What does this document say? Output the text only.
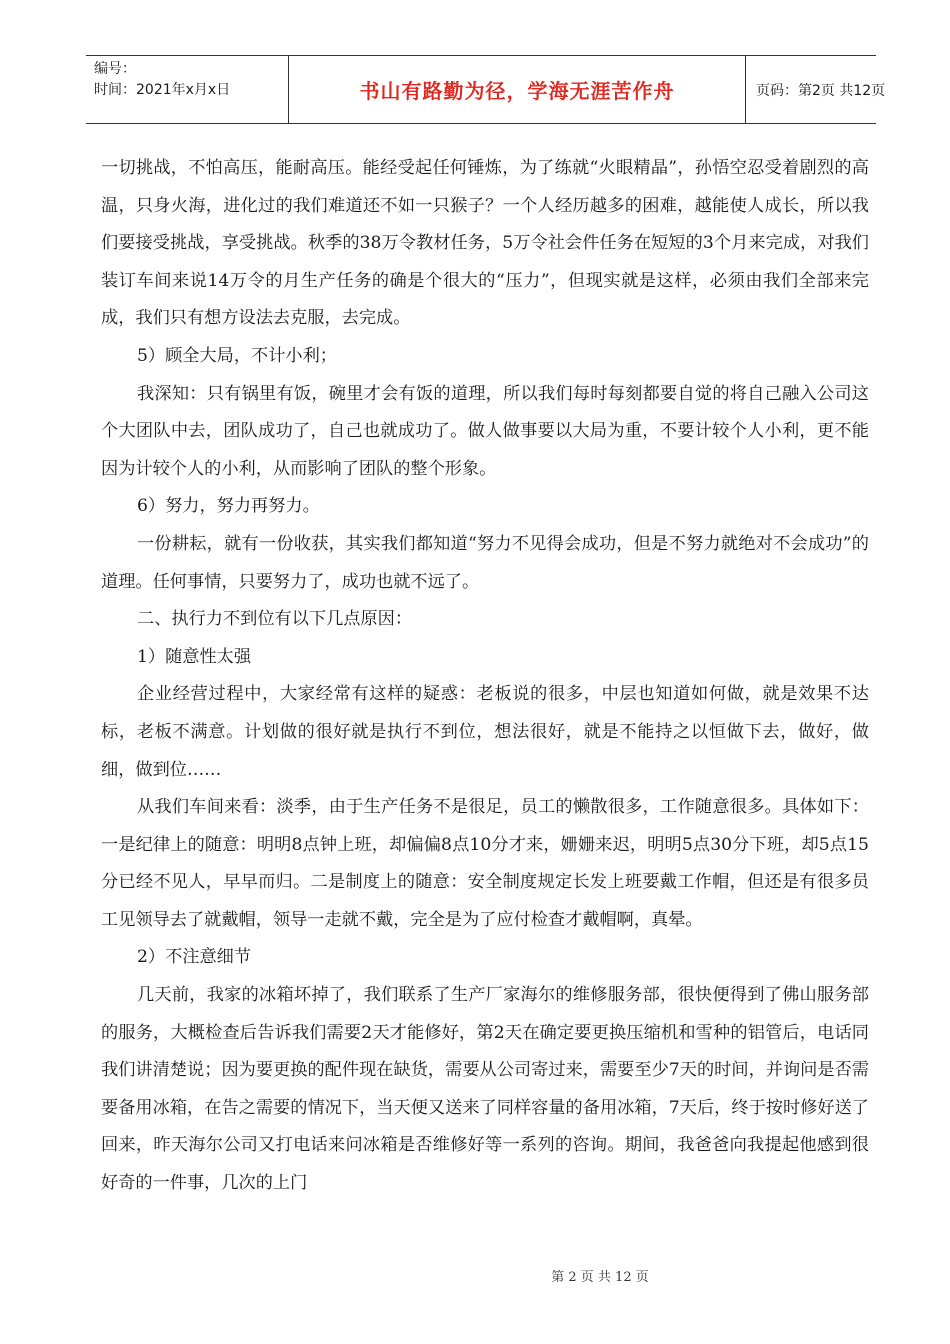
编号：
时间：2021年x月x日	书山有路勤为径，学海无涯苦作舟	页码：第2页 共12页

一切挑战，不怕高压，能耐高压。能经受起任何锤炼，为了练就“火眼精晶”，孙悟空忍受着剧烈的高温，只身火海，进化过的我们难道还不如一只猴子？一个人经历越多的困难，越能使人成长，所以我们要接受挑战，享受挑战。秋季的38万令教材任务，5万令社会件任务在短短的3个月来完成，对我们装订车间来说14万令的月生产任务的确是个很大的“压力”，但现实就是这样，必须由我们全部来完成，我们只有想方设法去克服，去完成。

5）顾全大局，不计小利；

我深知：只有锅里有饭，碗里才会有饭的道理，所以我们每时每刻都要自觉的将自己融入公司这个大团队中去，团队成功了，自己也就成功了。做人做事要以大局为重，不要计较个人小利，更不能因为计较个人的小利，从而影响了团队的整个形象。

6）努力，努力再努力。

一份耕耘，就有一份收获，其实我们都知道“努力不见得会成功，但是不努力就绝对不会成功”的道理。任何事情，只要努力了，成功也就不远了。

二、执行力不到位有以下几点原因：

1）随意性太强

企业经营过程中，大家经常有这样的疑惑：老板说的很多，中层也知道如何做，就是效果不达标，老板不满意。计划做的很好就是执行不到位，想法很好，就是不能持之以恒做下去，做好，做细，做到位……

从我们车间来看：淡季，由于生产任务不是很足，员工的懒散很多，工作随意很多。具体如下：一是纪律上的随意：明明8点钟上班，却偏偏8点10分才来，姗姗来迟，明明5点30分下班，却5点15分已经不见人，早早而归。二是制度上的随意：安全制度规定长发上班要戴工作帽，但还是有很多员工见领导去了就戴帽，领导一走就不戴，完全是为了应付检查才戴帽啊，真晕。

2）不注意细节

几天前，我家的冰箱坏掉了，我们联系了生产厂家海尔的维修服务部，很快便得到了佛山服务部的服务，大概检查后告诉我们需要2天才能修好，第2天在确定要更换压缩机和雪种的铝管后，电话同我们讲清楚说；因为要更换的配件现在缺货，需要从公司寄过来，需要至少7天的时间，并询问是否需要备用冰箱，在告之需要的情况下，当天便又送来了同样容量的备用冰箱，7天后，终于按时修好送了回来，昨天海尔公司又打电话来问冰箱是否维修好等一系列的咨询。期间，我爸爸向我提起他感到很好奇的一件事，几次的上门

第 2 页 共 12 页
